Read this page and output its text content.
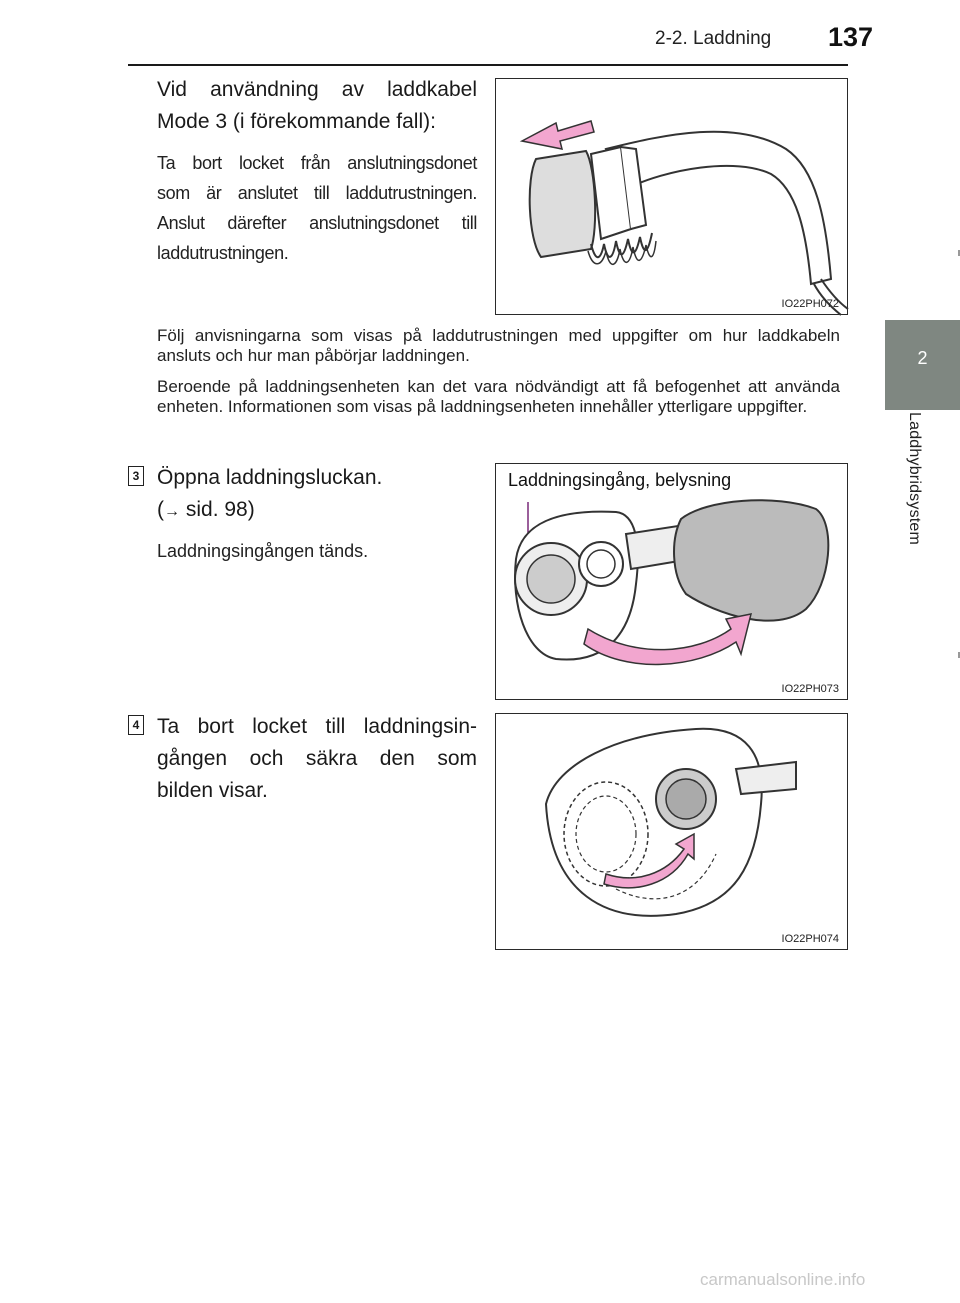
2-2. Laddning 137
2
Laddhybridsystem
Vid användning av laddkabel
Mode 3 (i förekommande fall):
Ta bort locket från anslutningsdonet
som är anslutet till laddutrustningen.
Anslut därefter anslutningsdonet till
laddutrustningen.
IO22PH072
Följ anvisningarna som visas på laddutrustningen med uppgifter om hur laddkabeln ansluts och hur man påbörjar laddningen.
Beroende på laddningsenheten kan det vara nödvändigt att få befogenhet att använda enheten. Informationen som visas på laddningsenheten innehåller ytterligare uppgifter.
3 Öppna laddningsluckan.
(→ sid. 98)
Laddningsingången tänds.
Laddningsingång, belysning
IO22PH073
4 Ta bort locket till laddningsin-
gången och säkra den som
bilden visar.
IO22PH074
carmanualsonline.info
